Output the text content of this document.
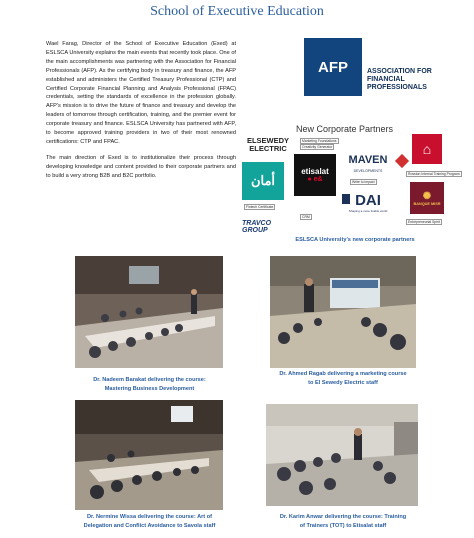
School of Executive Education

Wael Farag, Director of the School of Executive Education (Exed) at ESLSCA University explains the main events that recently took place. One of the main accomplishments was partnering with the Association for Financial Professionals (AFP). As the certifying body in treasury and finance, the AFP established and administers the Certified Treasury Professional (CTP) and Certified Corporate Financial Planning and Analysis Professional (FPAC) credentials, setting the standards of excellence in the profession globally. AFP's mission is to drive the future of finance and treasury and develop the leaders of tomorrow through certification, training, and the premier event for corporate treasury and finance. ESLSCA University has partnered with AFP, to become approved training providers in two of their most renowned certifications: CTP and FPAC.

The main direction of Exed is to institutionalize their process through developing knowledge and content provided to their corporate partners and to build a very strong B2B and B2C portfolio.

AFP	ASSOCIATION FOR
FINANCIAL
PROFESSIONALS
New Corporate Partners
ELSEWEDY
ELECTRIC
Marketing Foundations
Creativity Generator
أمان
Fintech Certificate
etisalat
● e&
MAVEN
DEVELOPMENTS
Write to impact
⌂
Rosston Internal Training Program
DAI
Shaping a more livable world
CRM
✺
BANQUE MISR
Entrepreneurial Spirit
TRAVCO GROUP
ESLSCA University's new corporate partners
Dr. Nadeem Barakat delivering the course:
Mastering Business Development
Dr. Ahmed Ragab delivering a marketing course
to El Sewedy Electric staff
Dr. Nermine Wissa delivering the course: Art of
Delegation and Conflict Avoidance to Savola staff
Dr. Karim Anwar delivering the course: Training
of Trainers (TOT) to Etisalat staff
